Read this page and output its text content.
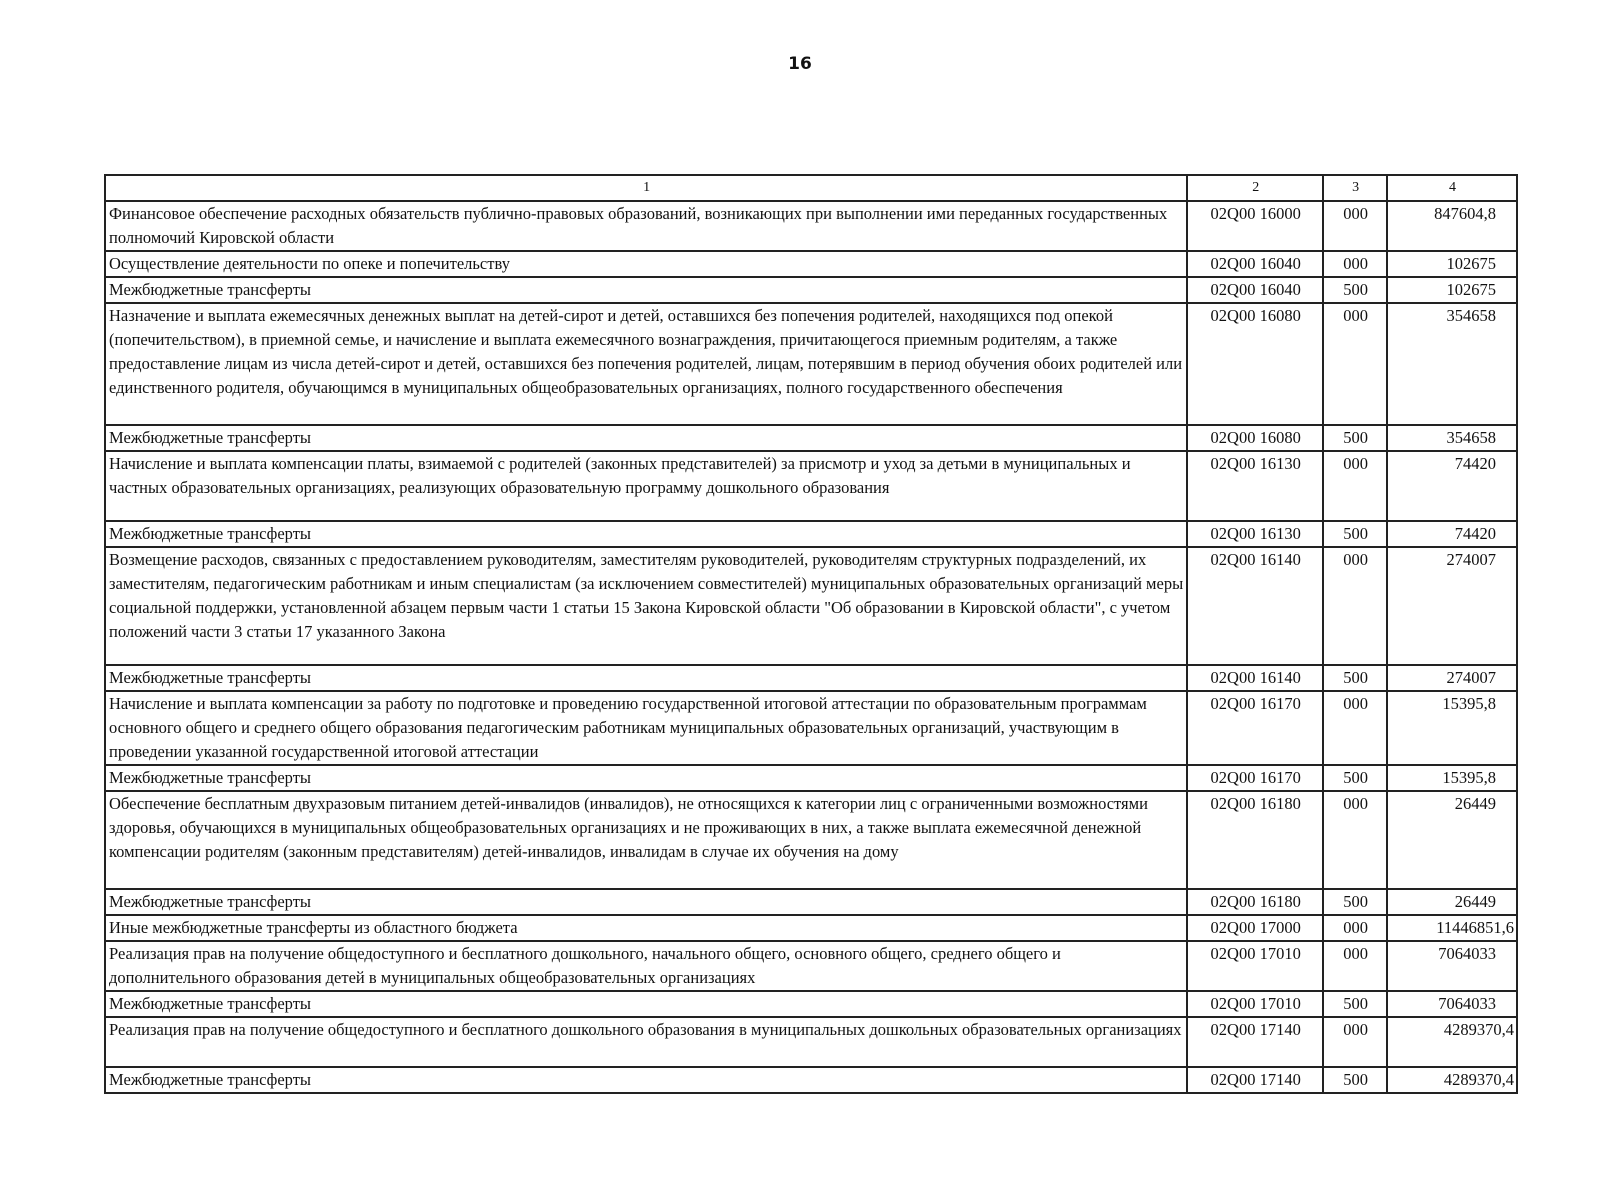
16
1	2	3	4
Финансовое обеспечение расходных обязательств публично-правовых образований, возникающих при выполнении ими переданных государственных полномочий Кировской области	02Q00 16000	000	847604,8
Осуществление деятельности по опеке и попечительству	02Q00 16040	000	102675
Межбюджетные трансферты	02Q00 16040	500	102675
Назначение и выплата ежемесячных денежных выплат на детей-сирот и детей, оставшихся без попечения родителей, находящихся под опекой (попечительством), в приемной семье, и начисление и выплата ежемесячного вознаграждения, причитающегося приемным родителям, а также предоставление лицам из числа детей-сирот и детей, оставшихся без попечения родителей, лицам, потерявшим в период обучения обоих родителей или единственного родителя, обучающимся в муниципальных общеобразовательных организациях, полного государственного обеспечения	02Q00 16080	000	354658
Межбюджетные трансферты	02Q00 16080	500	354658
Начисление и выплата компенсации платы, взимаемой с родителей (законных представителей) за присмотр и уход за детьми в муниципальных и частных образовательных организациях, реализующих образовательную программу дошкольного образования	02Q00 16130	000	74420
Межбюджетные трансферты	02Q00 16130	500	74420
Возмещение расходов, связанных с предоставлением руководителям, заместителям руководителей, руководителям структурных подразделений, их заместителям, педагогическим работникам и иным специалистам (за исключением совместителей) муниципальных образовательных организаций меры социальной поддержки, установленной абзацем первым части 1 статьи 15 Закона Кировской области "Об образовании в Кировской области", с учетом положений части 3 статьи 17 указанного Закона	02Q00 16140	000	274007
Межбюджетные трансферты	02Q00 16140	500	274007
Начисление и выплата компенсации за работу по подготовке и проведению государственной итоговой аттестации по образовательным программам основного общего и среднего общего образования педагогическим работникам муниципальных образовательных организаций, участвующим в проведении указанной государственной итоговой аттестации	02Q00 16170	000	15395,8
Межбюджетные трансферты	02Q00 16170	500	15395,8
Обеспечение бесплатным двухразовым питанием детей-инвалидов (инвалидов), не относящихся к категории лиц с ограниченными возможностями здоровья, обучающихся в муниципальных общеобразовательных организациях и не проживающих в них, а также выплата ежемесячной денежной компенсации родителям (законным представителям) детей-инвалидов, инвалидам в случае их обучения на дому	02Q00 16180	000	26449
Межбюджетные трансферты	02Q00 16180	500	26449
Иные межбюджетные трансферты из областного бюджета	02Q00 17000	000	11446851,6
Реализация прав на получение общедоступного и бесплатного дошкольного, начального общего, основного общего, среднего общего и дополнительного образования детей в муниципальных общеобразовательных организациях	02Q00 17010	000	7064033
Межбюджетные трансферты	02Q00 17010	500	7064033
Реализация прав на получение общедоступного и бесплатного дошкольного образования в муниципальных дошкольных образовательных организациях	02Q00 17140	000	4289370,4
Межбюджетные трансферты	02Q00 17140	500	4289370,4
